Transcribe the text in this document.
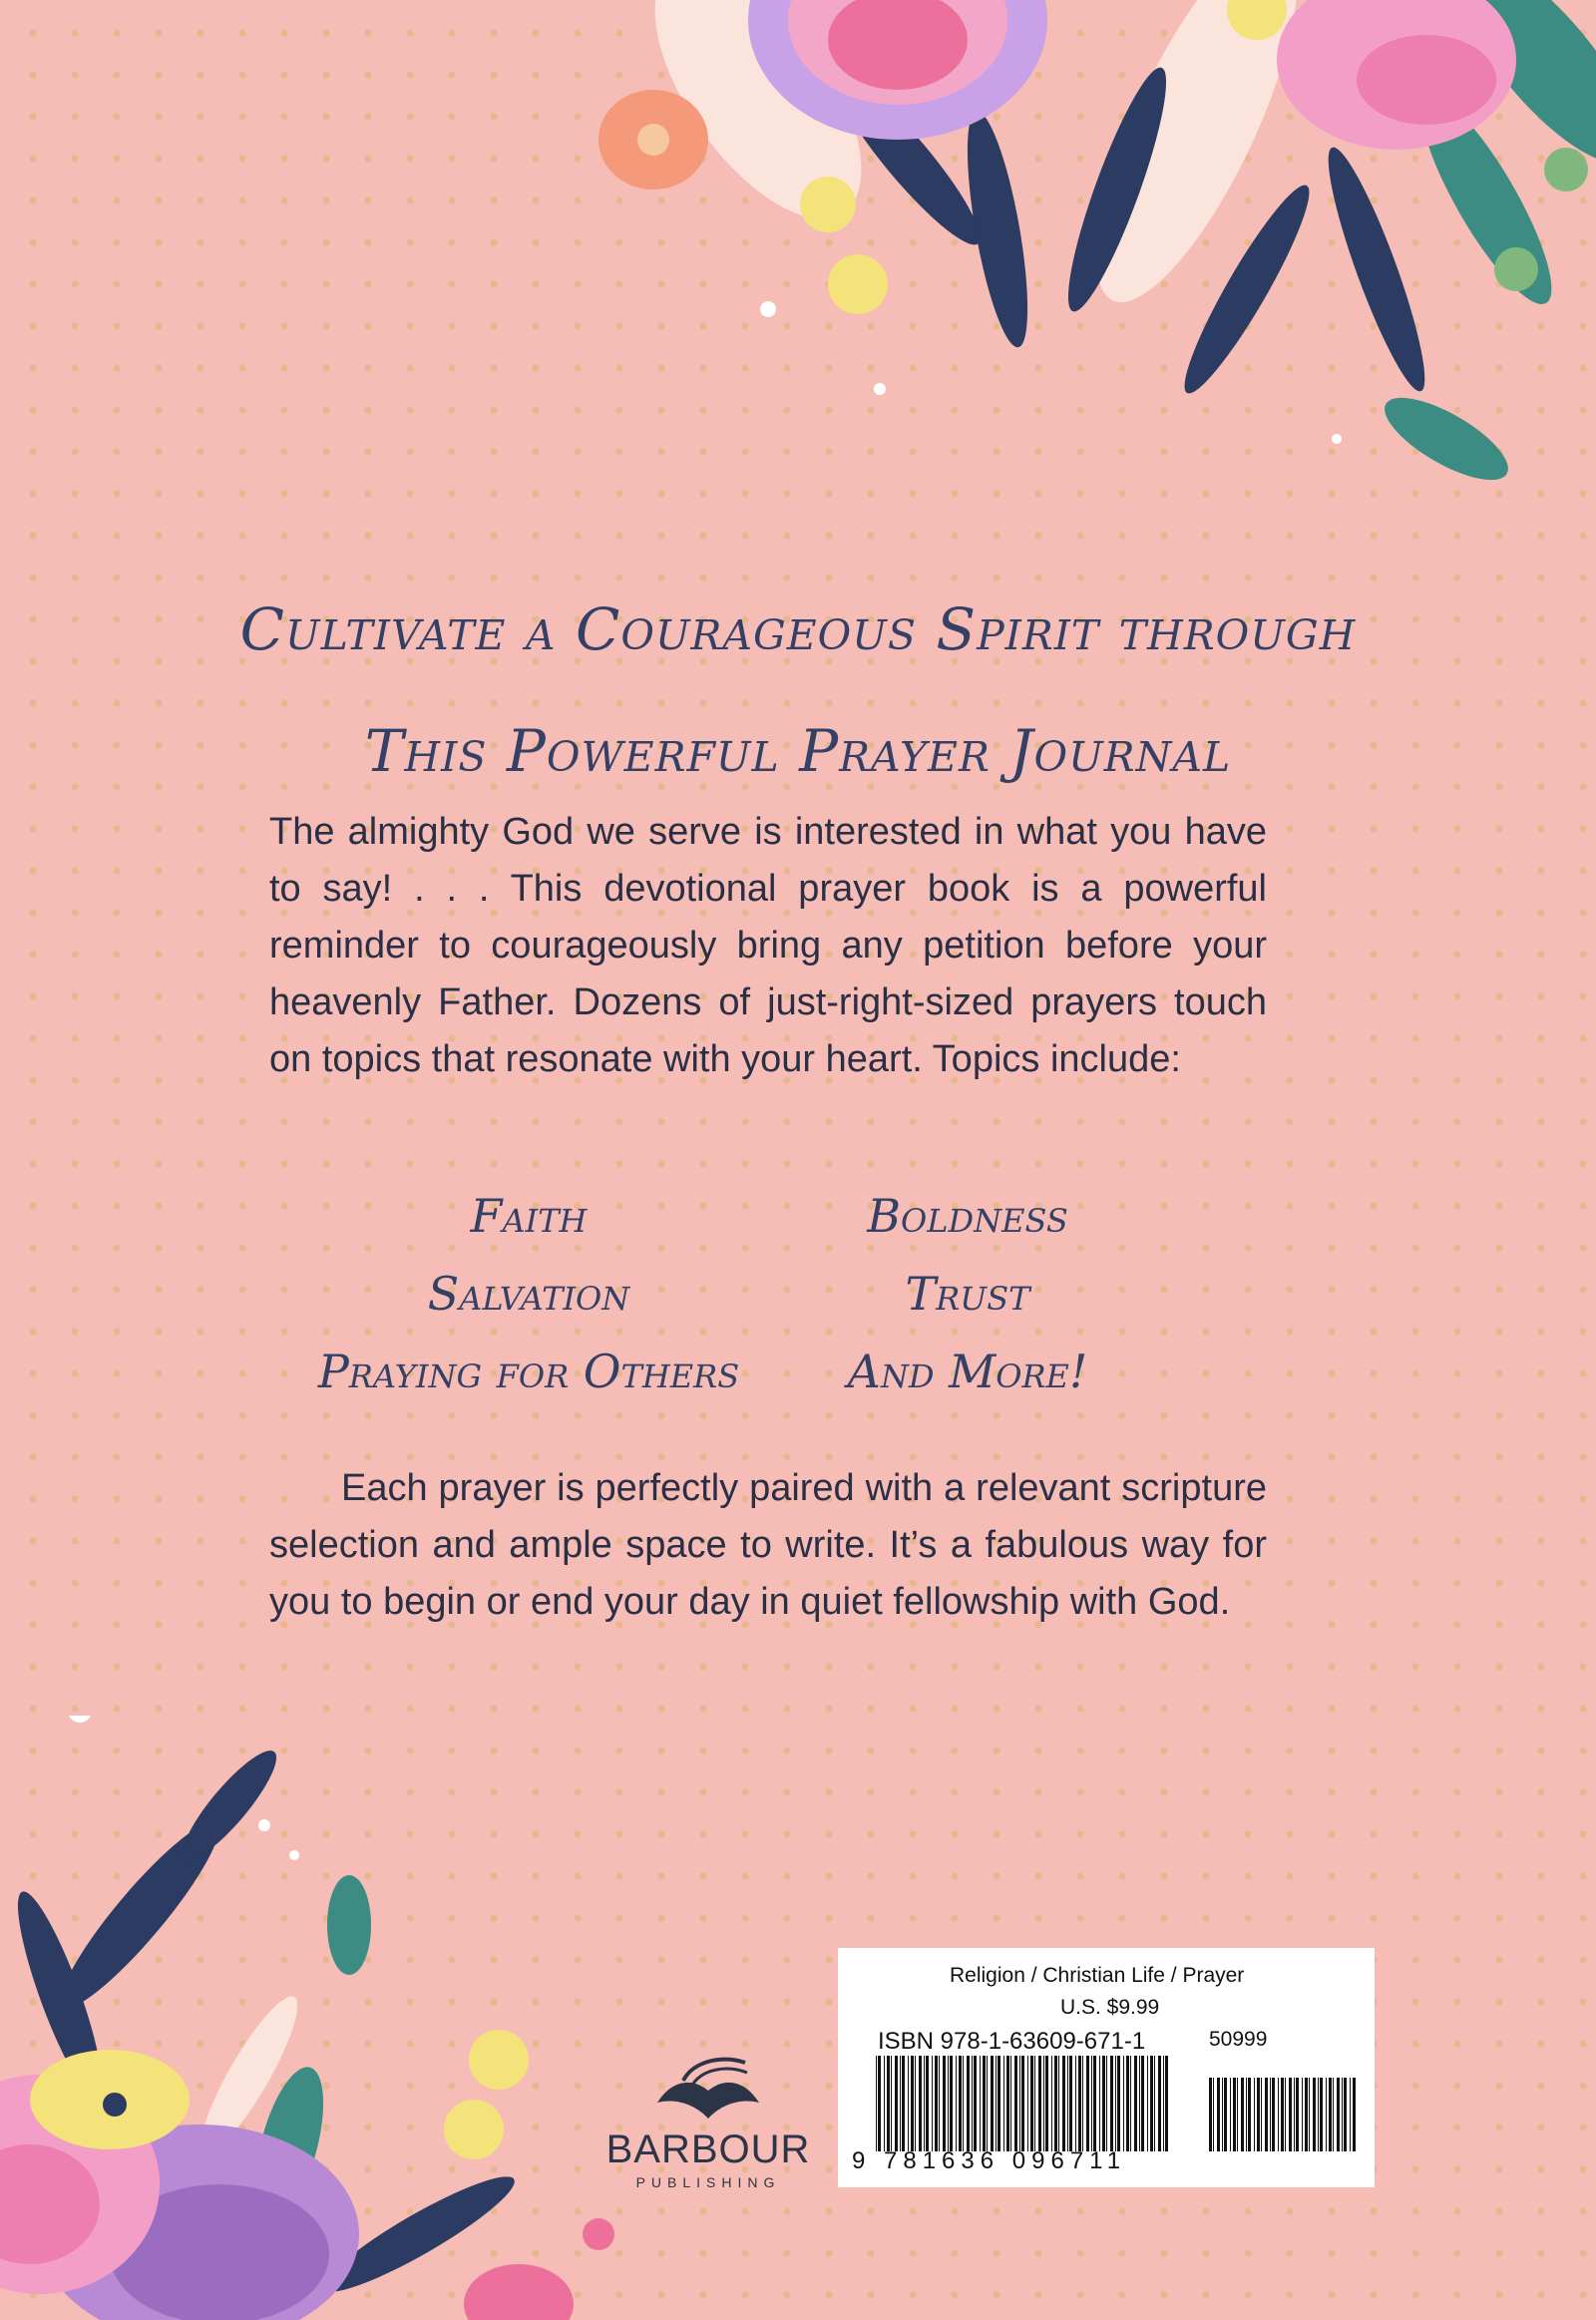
Cultivate a Courageous Spirit through
This Powerful Prayer Journal
The almighty God we serve is interested in what you have to say! . . . This devotional prayer book is a powerful reminder to courageously bring any petition before your heavenly Father. Dozens of just-right-sized prayers touch on topics that resonate with your heart. Topics include:
Faith	Boldness
Salvation	Trust
Praying for Others	And More!
Each prayer is perfectly paired with a relevant scripture selection and ample space to write. It’s a fabulous way for you to begin or end your day in quiet fellowship with God.
BARBOUR
PUBLISHING
Religion / Christian Life / Prayer
U.S. $9.99
ISBN 978-1-63609-671-1	50999
9 781636 096711
